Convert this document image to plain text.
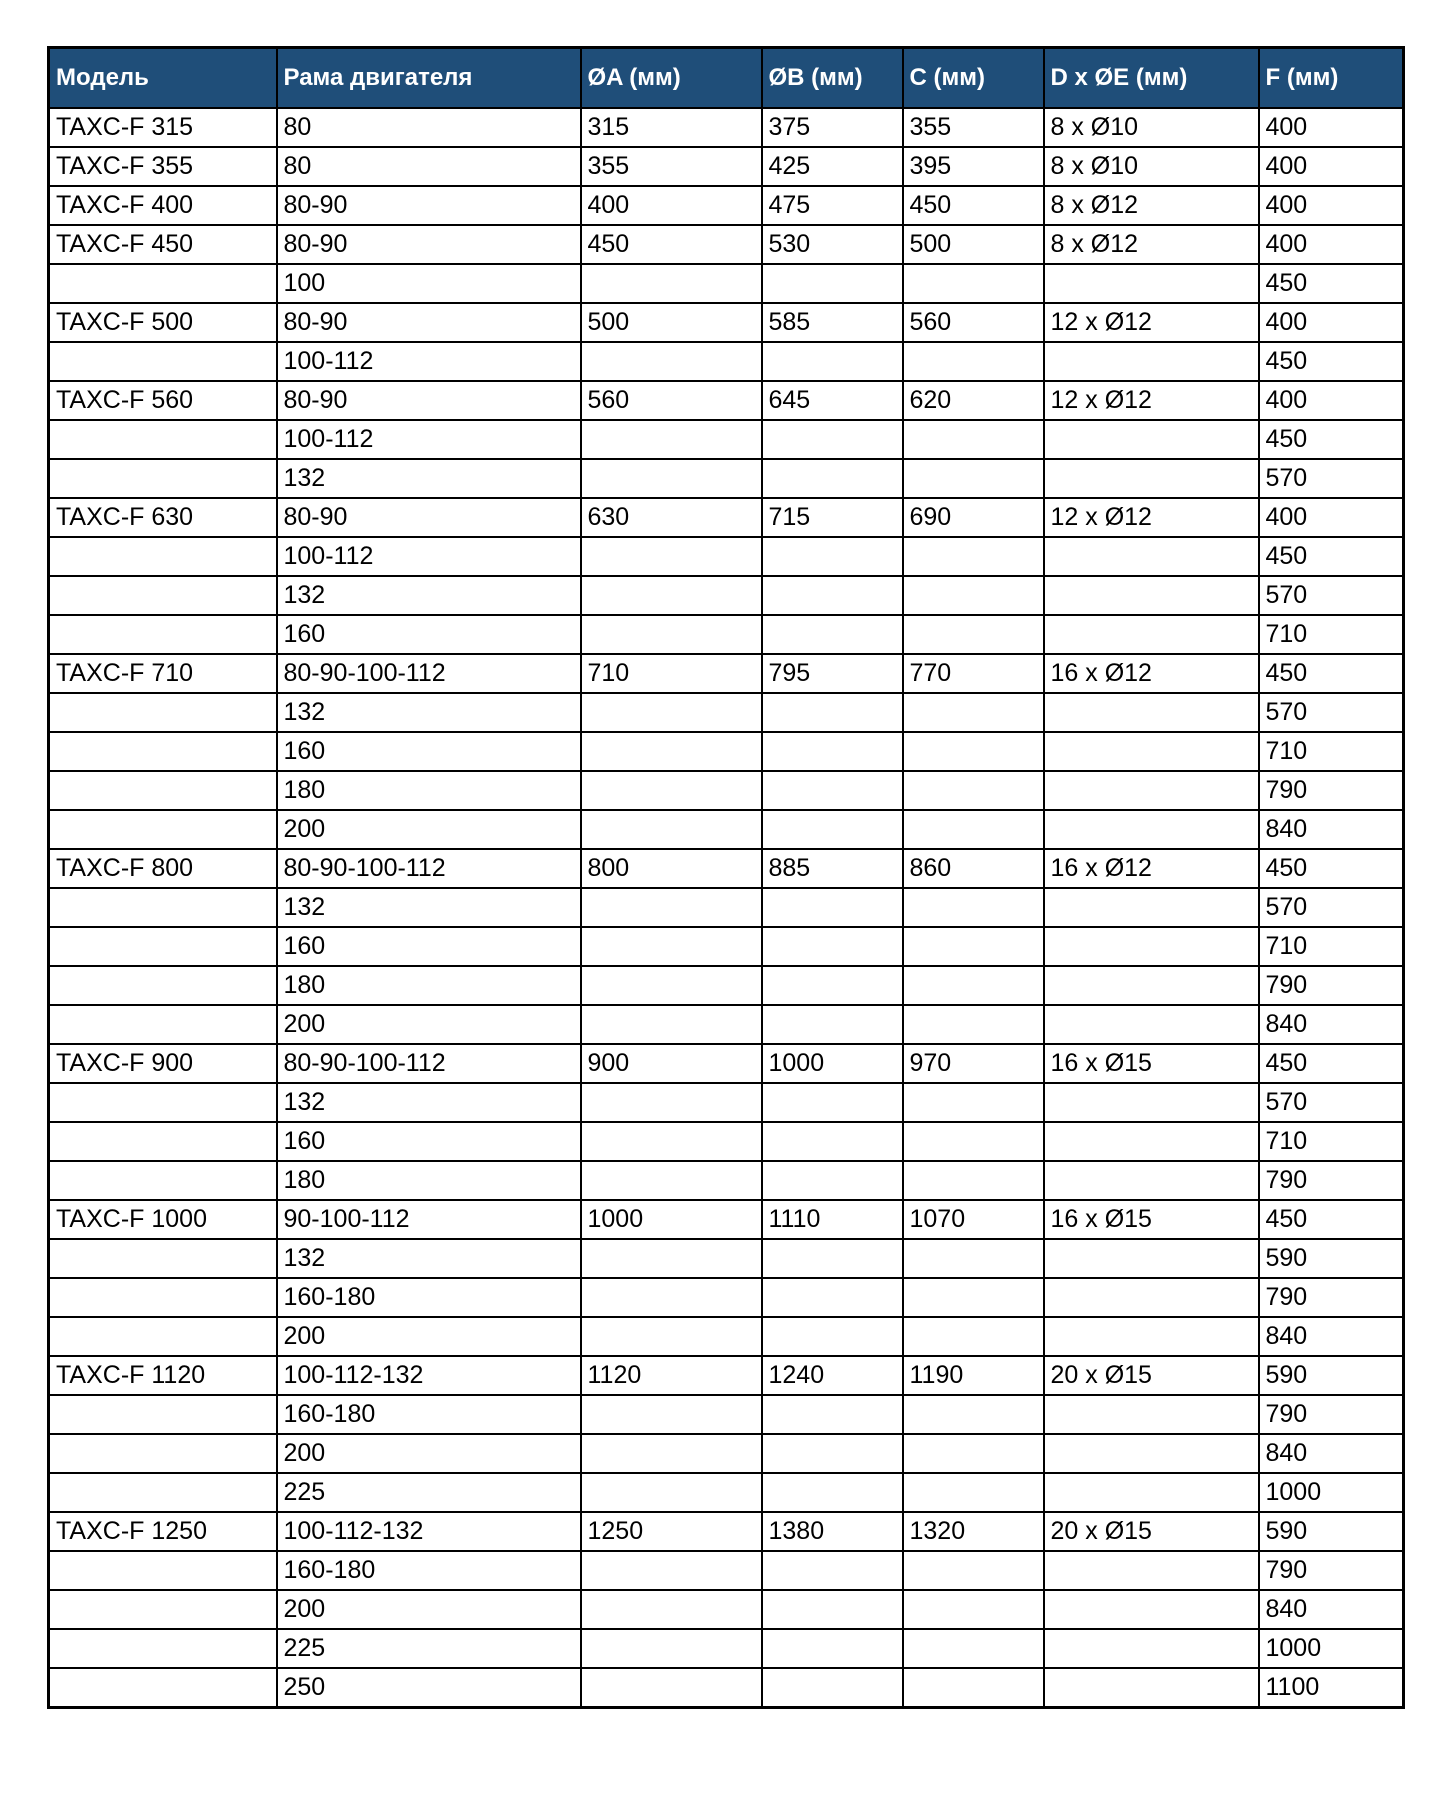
Модель	Рама двигателя	ØA (мм)	ØB (мм)	C (мм)	D x ØE (мм)	F (мм)
TAXC-F 315	80	315	375	355	8 x Ø10	400
TAXC-F 355	80	355	425	395	8 x Ø10	400
TAXC-F 400	80-90	400	475	450	8 x Ø12	400
TAXC-F 450	80-90	450	530	500	8 x Ø12	400
	100					450
TAXC-F 500	80-90	500	585	560	12 x Ø12	400
	100-112					450
TAXC-F 560	80-90	560	645	620	12 x Ø12	400
	100-112					450
	132					570
TAXC-F 630	80-90	630	715	690	12 x Ø12	400
	100-112					450
	132					570
	160					710
TAXC-F 710	80-90-100-112	710	795	770	16 x Ø12	450
	132					570
	160					710
	180					790
	200					840
TAXC-F 800	80-90-100-112	800	885	860	16 x Ø12	450
	132					570
	160					710
	180					790
	200					840
TAXC-F 900	80-90-100-112	900	1000	970	16 x Ø15	450
	132					570
	160					710
	180					790
TAXC-F 1000	90-100-112	1000	1110	1070	16 x Ø15	450
	132					590
	160-180					790
	200					840
TAXC-F 1120	100-112-132	1120	1240	1190	20 x Ø15	590
	160-180					790
	200					840
	225					1000
TAXC-F 1250	100-112-132	1250	1380	1320	20 x Ø15	590
	160-180					790
	200					840
	225					1000
	250					1100
